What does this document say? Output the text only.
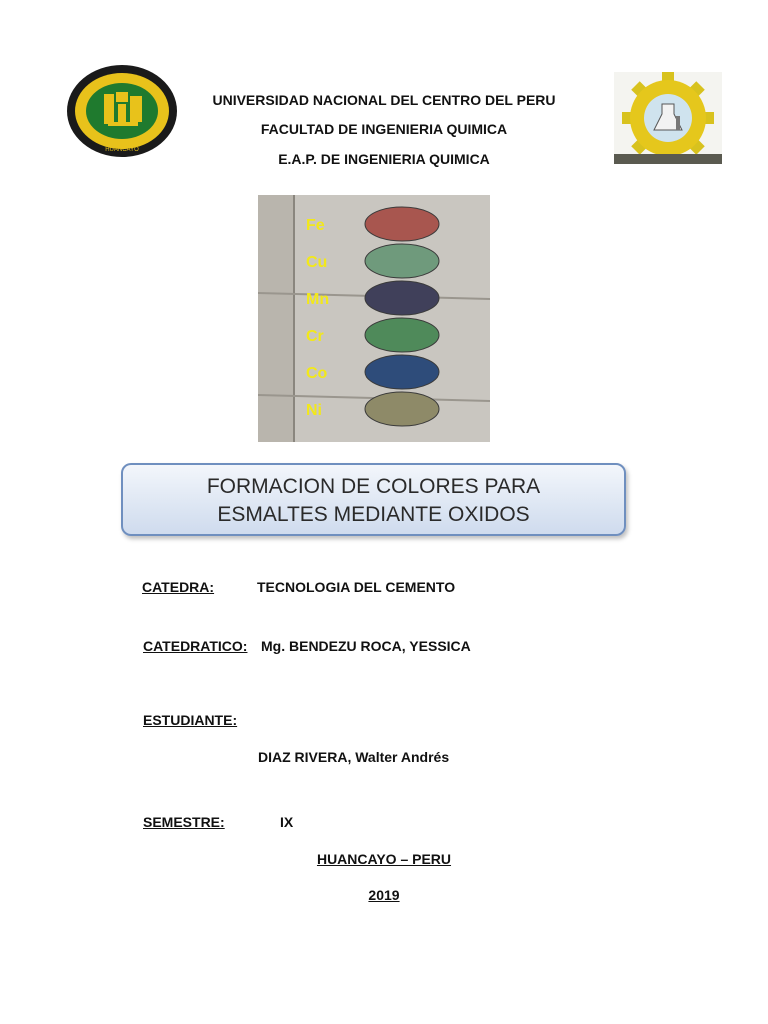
HUANCAYO
UNIVERSIDAD NACIONAL DEL CENTRO DEL PERU
FACULTAD DE INGENIERIA QUIMICA
E.A.P. DE INGENIERIA QUIMICA
Fe
Cu
Mn
Cr
Co
Ni
FORMACION DE COLORES PARA
ESMALTES MEDIANTE OXIDOS
CATEDRA:	TECNOLOGIA DEL CEMENTO
CATEDRATICO: Mg. BENDEZU ROCA, YESSICA
ESTUDIANTE:
DIAZ RIVERA, Walter Andrés
SEMESTRE:	IX
HUANCAYO – PERU
2019
